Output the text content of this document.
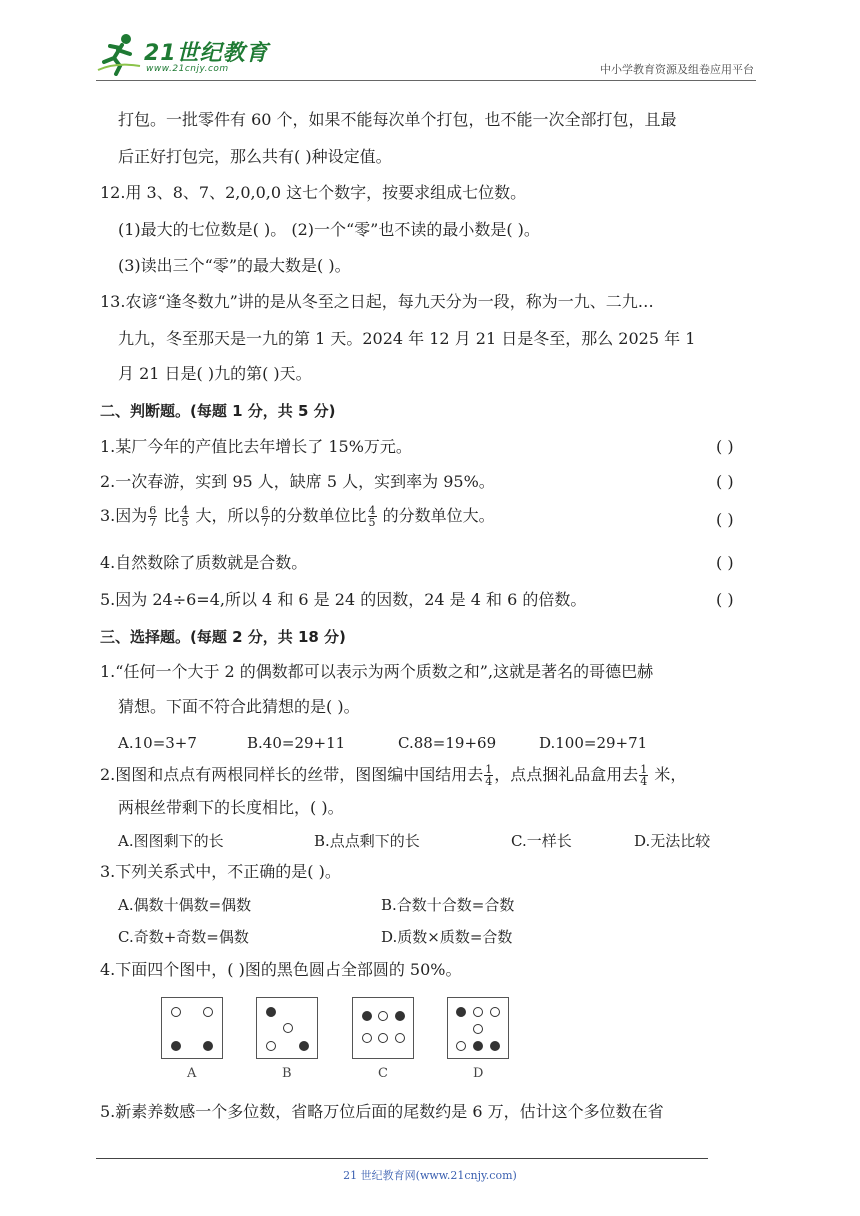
21世纪教育
www.21cnjy.com	中小学教育资源及组卷应用平台
打包。一批零件有 60 个，如果不能每次单个打包，也不能一次全部打包，且最
后正好打包完，那么共有( )种设定值。
12.用 3、8、7、2,0,0,0 这七个数字，按要求组成七位数。
(1)最大的七位数是( )。 (2)一个“零”也不读的最小数是( )。
(3)读出三个“零”的最大数是( )。
13.农谚“逢冬数九”讲的是从冬至之日起，每九天分为一段，称为一九、二九…
九九，冬至那天是一九的第 1 天。2024 年 12 月 21 日是冬至，那么 2025 年 1
月 21 日是( )九的第( )天。
二、判断题。(每题 1 分，共 5 分)
1.某厂今年的产值比去年增长了 15%万元。	( )
2.一次春游，实到 95 人，缺席 5 人，实到率为 95%。	( )
3.因为 $\frac{6}{7}$ 比 $\frac{4}{5}$ 大，所以 $\frac{6}{7}$ 的分数单位比 $\frac{4}{5}$ 的分数单位大。	( )
4.自然数除了质数就是合数。	( )
5.因为 24÷6=4,所以 4 和 6 是 24 的因数，24 是 4 和 6 的倍数。	( )
三、选择题。(每题 2 分，共 18 分)
1.“任何一个大于 2 的偶数都可以表示为两个质数之和”,这就是著名的哥德巴赫
猜想。下面不符合此猜想的是( )。
A.10=3+7	B.40=29+11	C.88=19+69	D.100=29+71
2.图图和点点有两根同样长的丝带，图图编中国结用去 $\frac{1}{4}$ ，点点捆礼品盒用去 $\frac{1}{4}$ 米，
两根丝带剩下的长度相比，( )。
A.图图剩下的长	B.点点剩下的长	C.一样长	D.无法比较
3.下列关系式中，不正确的是( )。
A.偶数十偶数=偶数	B.合数十合数=合数
C.奇数+奇数=偶数	D.质数×质数=合数
4.下面四个图中，( )图的黑色圆占全部圆的 50%。
A	B	C	D
5.新素养数感一个多位数，省略万位后面的尾数约是 6 万，估计这个多位数在省
21 世纪教育网(www.21cnjy.com)
